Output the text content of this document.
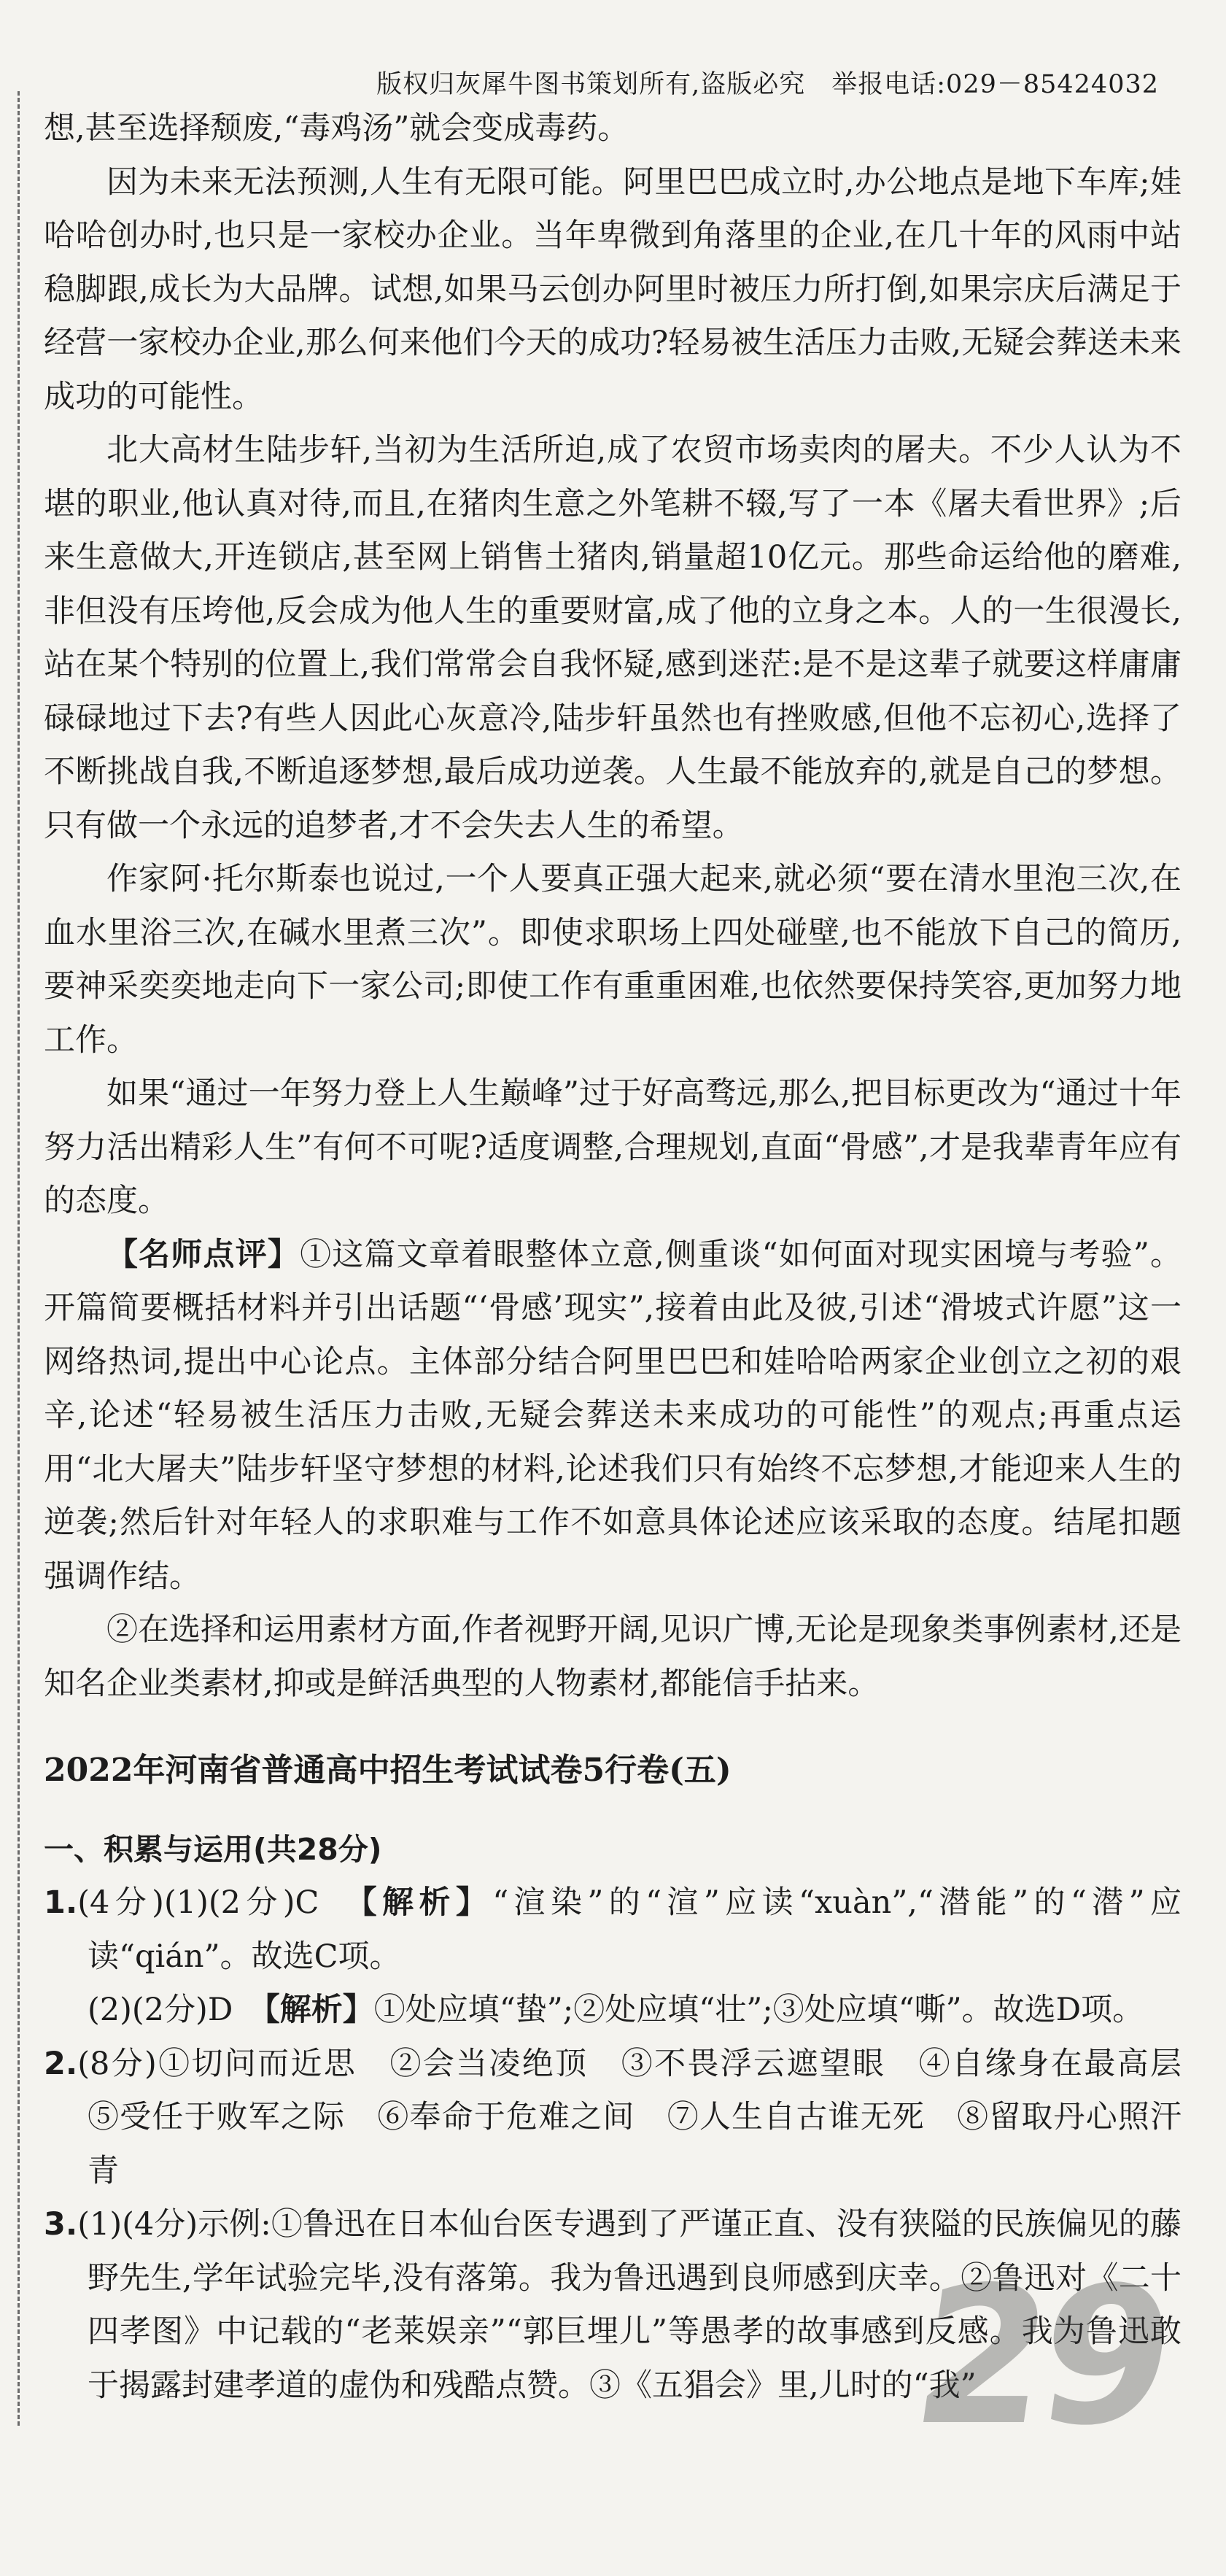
版权归灰犀牛图书策划所有,盗版必究　举报电话:029－85424032

想,甚至选择颓废,“毒鸡汤”就会变成毒药。

因为未来无法预测,人生有无限可能。阿里巴巴成立时,办公地点是地下车库;娃哈哈创办时,也只是一家校办企业。当年卑微到角落里的企业,在几十年的风雨中站稳脚跟,成长为大品牌。试想,如果马云创办阿里时被压力所打倒,如果宗庆后满足于经营一家校办企业,那么何来他们今天的成功?轻易被生活压力击败,无疑会葬送未来成功的可能性。

北大高材生陆步轩,当初为生活所迫,成了农贸市场卖肉的屠夫。不少人认为不堪的职业,他认真对待,而且,在猪肉生意之外笔耕不辍,写了一本《屠夫看世界》;后来生意做大,开连锁店,甚至网上销售土猪肉,销量超10亿元。那些命运给他的磨难,非但没有压垮他,反会成为他人生的重要财富,成了他的立身之本。人的一生很漫长,站在某个特别的位置上,我们常常会自我怀疑,感到迷茫:是不是这辈子就要这样庸庸碌碌地过下去?有些人因此心灰意冷,陆步轩虽然也有挫败感,但他不忘初心,选择了不断挑战自我,不断追逐梦想,最后成功逆袭。人生最不能放弃的,就是自己的梦想。只有做一个永远的追梦者,才不会失去人生的希望。

作家阿·托尔斯泰也说过,一个人要真正强大起来,就必须“要在清水里泡三次,在血水里浴三次,在碱水里煮三次”。即使求职场上四处碰壁,也不能放下自己的简历,要神采奕奕地走向下一家公司;即使工作有重重困难,也依然要保持笑容,更加努力地工作。

如果“通过一年努力登上人生巅峰”过于好高骛远,那么,把目标更改为“通过十年努力活出精彩人生”有何不可呢?适度调整,合理规划,直面“骨感”,才是我辈青年应有的态度。

【名师点评】①这篇文章着眼整体立意,侧重谈“如何面对现实困境与考验”。开篇简要概括材料并引出话题“‘骨感’现实”,接着由此及彼,引述“滑坡式许愿”这一网络热词,提出中心论点。主体部分结合阿里巴巴和娃哈哈两家企业创立之初的艰辛,论述“轻易被生活压力击败,无疑会葬送未来成功的可能性”的观点;再重点运用“北大屠夫”陆步轩坚守梦想的材料,论述我们只有始终不忘梦想,才能迎来人生的逆袭;然后针对年轻人的求职难与工作不如意具体论述应该采取的态度。结尾扣题强调作结。

②在选择和运用素材方面,作者视野开阔,见识广博,无论是现象类事例素材,还是知名企业类素材,抑或是鲜活典型的人物素材,都能信手拈来。

2022年河南省普通高中招生考试试卷5行卷(五)

一、积累与运用(共28分)

1.(4分)(1)(2分)C　【解析】“渲染”的“渲”应读“xuàn”,“潜能”的“潜”应读“qián”。故选C项。

(2)(2分)D　【解析】①处应填“蛰”;②处应填“壮”;③处应填“嘶”。故选D项。

2.(8分)①切问而近思　②会当凌绝顶　③不畏浮云遮望眼　④自缘身在最高层　⑤受任于败军之际　⑥奉命于危难之间　⑦人生自古谁无死　⑧留取丹心照汗青

3.(1)(4分)示例:①鲁迅在日本仙台医专遇到了严谨正直、没有狭隘的民族偏见的藤野先生,学年试验完毕,没有落第。我为鲁迅遇到良师感到庆幸。②鲁迅对《二十四孝图》中记载的“老莱娱亲”“郭巨埋儿”等愚孝的故事感到反感。我为鲁迅敢于揭露封建孝道的虚伪和残酷点赞。③《五猖会》里,儿时的“我”

29
